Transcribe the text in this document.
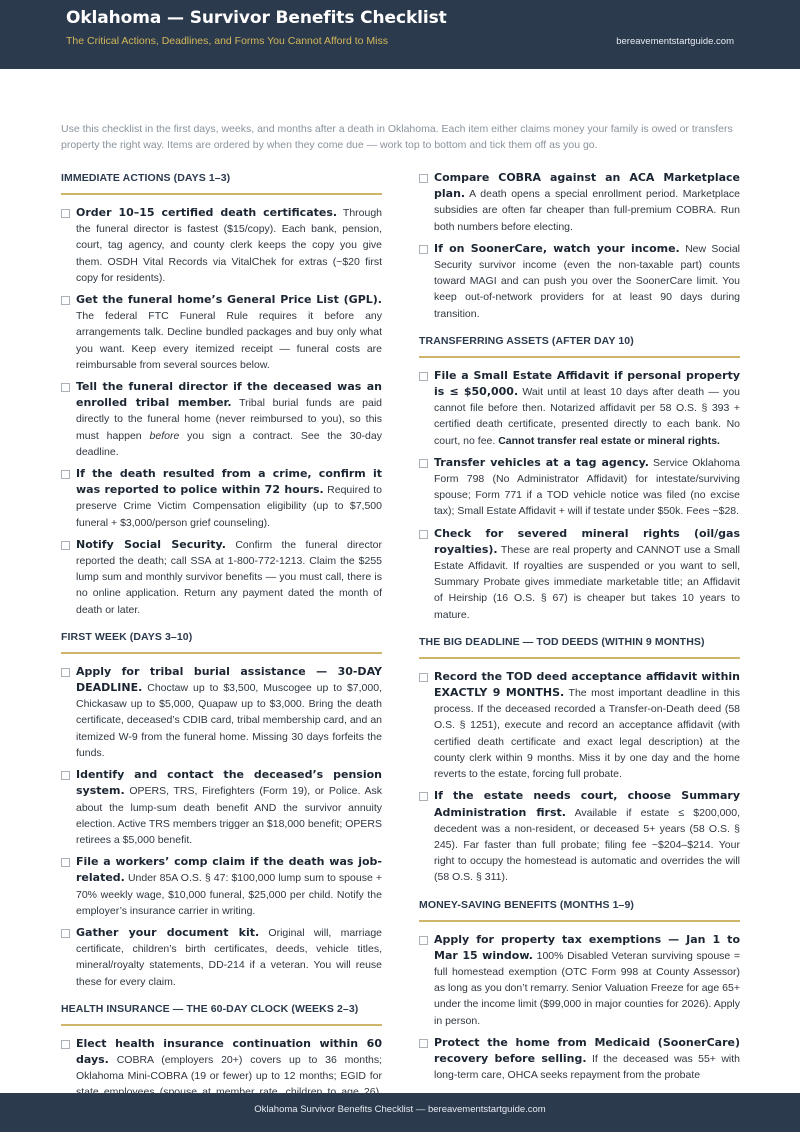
Oklahoma — Survivor Benefits Checklist
The Critical Actions, Deadlines, and Forms You Cannot Afford to Miss	bereavementstartguide.com
Use this checklist in the first days, weeks, and months after a death in Oklahoma. Each item either claims money your family is owed or transfers property the right way. Items are ordered by when they come due — work top to bottom and tick them off as you go.
IMMEDIATE ACTIONS (DAYS 1–3)
Order 10–15 certified death certificates. Through the funeral director is fastest ($15/copy). Each bank, pension, court, tag agency, and county clerk keeps the copy you give them. OSDH Vital Records via VitalChek for extras (~$20 first copy for residents).
Get the funeral home’s General Price List (GPL). The federal FTC Funeral Rule requires it before any arrangements talk. Decline bundled packages and buy only what you want. Keep every itemized receipt — funeral costs are reimbursable from several sources below.
Tell the funeral director if the deceased was an enrolled tribal member. Tribal burial funds are paid directly to the funeral home (never reimbursed to you), so this must happen before you sign a contract. See the 30-day deadline.
If the death resulted from a crime, confirm it was reported to police within 72 hours. Required to preserve Crime Victim Compensation eligibility (up to $7,500 funeral + $3,000/person grief counseling).
Notify Social Security. Confirm the funeral director reported the death; call SSA at 1-800-772-1213. Claim the $255 lump sum and monthly survivor benefits — you must call, there is no online application. Return any payment dated the month of death or later.
FIRST WEEK (DAYS 3–10)
Apply for tribal burial assistance — 30-DAY DEADLINE. Choctaw up to $3,500, Muscogee up to $7,000, Chickasaw up to $5,000, Quapaw up to $3,000. Bring the death certificate, deceased’s CDIB card, tribal membership card, and an itemized W-9 from the funeral home. Missing 30 days forfeits the funds.
Identify and contact the deceased’s pension system. OPERS, TRS, Firefighters (Form 19), or Police. Ask about the lump-sum death benefit AND the survivor annuity election. Active TRS members trigger an $18,000 benefit; OPERS retirees a $5,000 benefit.
File a workers’ comp claim if the death was job-related. Under 85A O.S. § 47: $100,000 lump sum to spouse + 70% weekly wage, $10,000 funeral, $25,000 per child. Notify the employer’s insurance carrier in writing.
Gather your document kit. Original will, marriage certificate, children’s birth certificates, deeds, vehicle titles, mineral/royalty statements, DD-214 if a veteran. You will reuse these for every claim.
HEALTH INSURANCE — THE 60-DAY CLOCK (WEEKS 2–3)
Elect health insurance continuation within 60 days. COBRA (employers 20+) covers up to 36 months; Oklahoma Mini-COBRA (19 or fewer) up to 12 months; EGID for
Compare COBRA against an ACA Marketplace plan. A death opens a special enrollment period. Marketplace subsidies are often far cheaper than full-premium COBRA. Run both numbers before electing.
If on SoonerCare, watch your income. New Social Security survivor income (even the non-taxable part) counts toward MAGI and can push you over the SoonerCare limit. You keep out-of-network providers for at least 90 days during transition.
TRANSFERRING ASSETS (AFTER DAY 10)
File a Small Estate Affidavit if personal property is ≤ $50,000. Wait until at least 10 days after death — you cannot file before then. Notarized affidavit per 58 O.S. § 393 + certified death certificate, presented directly to each bank. No court, no fee. Cannot transfer real estate or mineral rights.
Transfer vehicles at a tag agency. Service Oklahoma Form 798 (No Administrator Affidavit) for intestate/surviving spouse; Form 771 if a TOD vehicle notice was filed (no excise tax); Small Estate Affidavit + will if testate under $50k. Fees ~$28.
Check for severed mineral rights (oil/gas royalties). These are real property and CANNOT use a Small Estate Affidavit. If royalties are suspended or you want to sell, Summary Probate gives immediate marketable title; an Affidavit of Heirship (16 O.S. § 67) is cheaper but takes 10 years to mature.
THE BIG DEADLINE — TOD DEEDS (WITHIN 9 MONTHS)
Record the TOD deed acceptance affidavit within EXACTLY 9 MONTHS. The most important deadline in this process. If the deceased recorded a Transfer-on-Death deed (58 O.S. § 1251), execute and record an acceptance affidavit (with certified death certificate and exact legal description) at the county clerk within 9 months. Miss it by one day and the home reverts to the estate, forcing full probate.
If the estate needs court, choose Summary Administration first. Available if estate ≤ $200,000, decedent was a non-resident, or deceased 5+ years (58 O.S. § 245). Far faster than full probate; filing fee ~$204–$214. Your right to occupy the homestead is automatic and overrides the will (58 O.S. § 311).
MONEY-SAVING BENEFITS (MONTHS 1–9)
Apply for property tax exemptions — Jan 1 to Mar 15 window. 100% Disabled Veteran surviving spouse = full homestead exemption (OTC Form 998 at County Assessor) as long as you don’t remarry. Senior Valuation Freeze for age 65+ under the income limit ($99,000 in major counties for 2026). Apply in person.
Protect the home from Medicaid (SoonerCare) recovery before selling. If the deceased was 55+ with long-term care, OHCA seeks repayment from the probate
Oklahoma Survivor Benefits Checklist — bereavementstartguide.com
